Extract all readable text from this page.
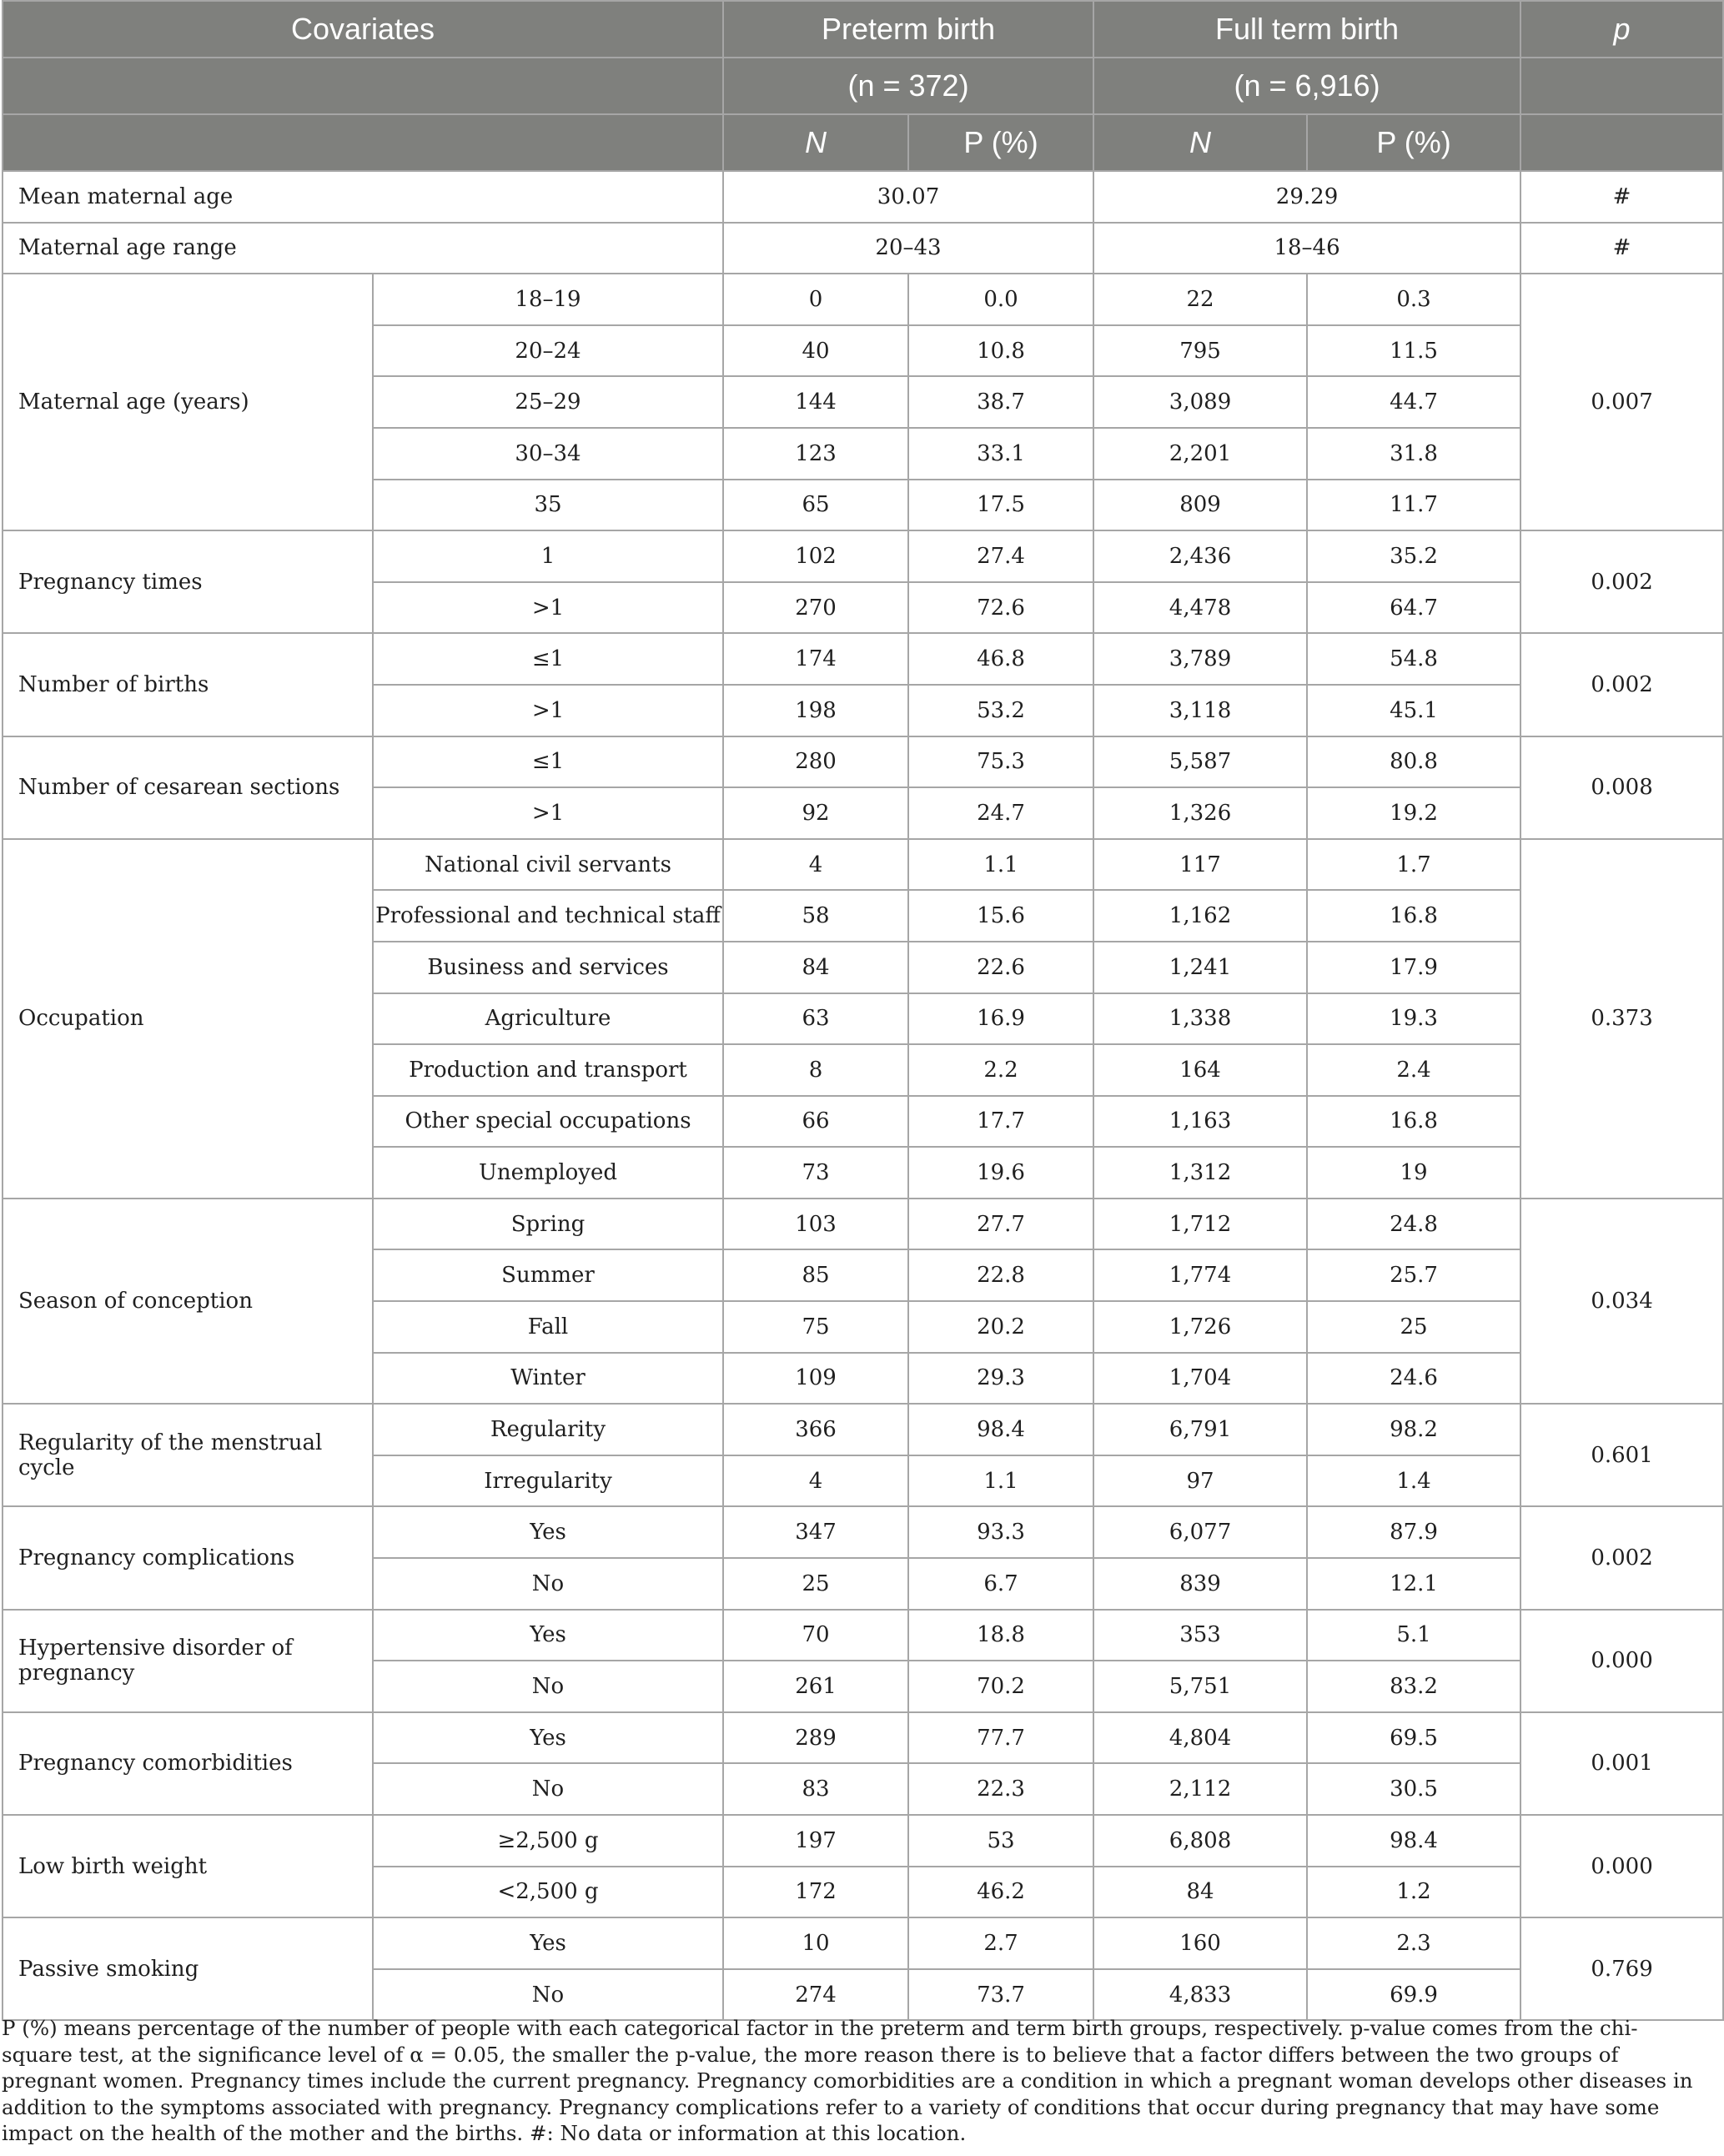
Covariates		Preterm birth		Full term birth		p
		(n = 372)		(n = 6,916)		
		N	P (%)	N	P (%)	
Mean maternal age		30.07		29.29		#
Maternal age range		20–43		18–46		#
Maternal age (years)	18–19	0	0.0	22	0.3	0.007
	20–24	40	10.8	795	11.5	
	25–29	144	38.7	3,089	44.7	
	30–34	123	33.1	2,201	31.8	
	35	65	17.5	809	11.7	
Pregnancy times	1	102	27.4	2,436	35.2	0.002
	>1	270	72.6	4,478	64.7	
Number of births	≤1	174	46.8	3,789	54.8	0.002
	>1	198	53.2	3,118	45.1	
Number of cesarean sections	≤1	280	75.3	5,587	80.8	0.008
	>1	92	24.7	1,326	19.2	
Occupation	National civil servants	4	1.1	117	1.7	0.373
	Professional and technical staff	58	15.6	1,162	16.8	
	Business and services	84	22.6	1,241	17.9	
	Agriculture	63	16.9	1,338	19.3	
	Production and transport	8	2.2	164	2.4	
	Other special occupations	66	17.7	1,163	16.8	
	Unemployed	73	19.6	1,312	19	
Season of conception	Spring	103	27.7	1,712	24.8	0.034
	Summer	85	22.8	1,774	25.7	
	Fall	75	20.2	1,726	25	
	Winter	109	29.3	1,704	24.6	
Regularity of the menstrual cycle	Regularity	366	98.4	6,791	98.2	0.601
	Irregularity	4	1.1	97	1.4	
Pregnancy complications	Yes	347	93.3	6,077	87.9	0.002
	No	25	6.7	839	12.1	
Hypertensive disorder of pregnancy	Yes	70	18.8	353	5.1	0.000
	No	261	70.2	5,751	83.2	
Pregnancy comorbidities	Yes	289	77.7	4,804	69.5	0.001
	No	83	22.3	2,112	30.5	
Low birth weight	≥2,500 g	197	53	6,808	98.4	0.000
	<2,500 g	172	46.2	84	1.2	
Passive smoking	Yes	10	2.7	160	2.3	0.769
	No	274	73.7	4,833	69.9	

P (%) means percentage of the number of people with each categorical factor in the preterm and term birth groups, respectively. p-value comes from the chi-square test, at the significance level of α = 0.05, the smaller the p-value, the more reason there is to believe that a factor differs between the two groups of pregnant women. Pregnancy times include the current pregnancy. Pregnancy comorbidities are a condition in which a pregnant woman develops other diseases in addition to the symptoms associated with pregnancy. Pregnancy complications refer to a variety of conditions that occur during pregnancy that may have some impact on the health of the mother and the births. #: No data or information at this location.
